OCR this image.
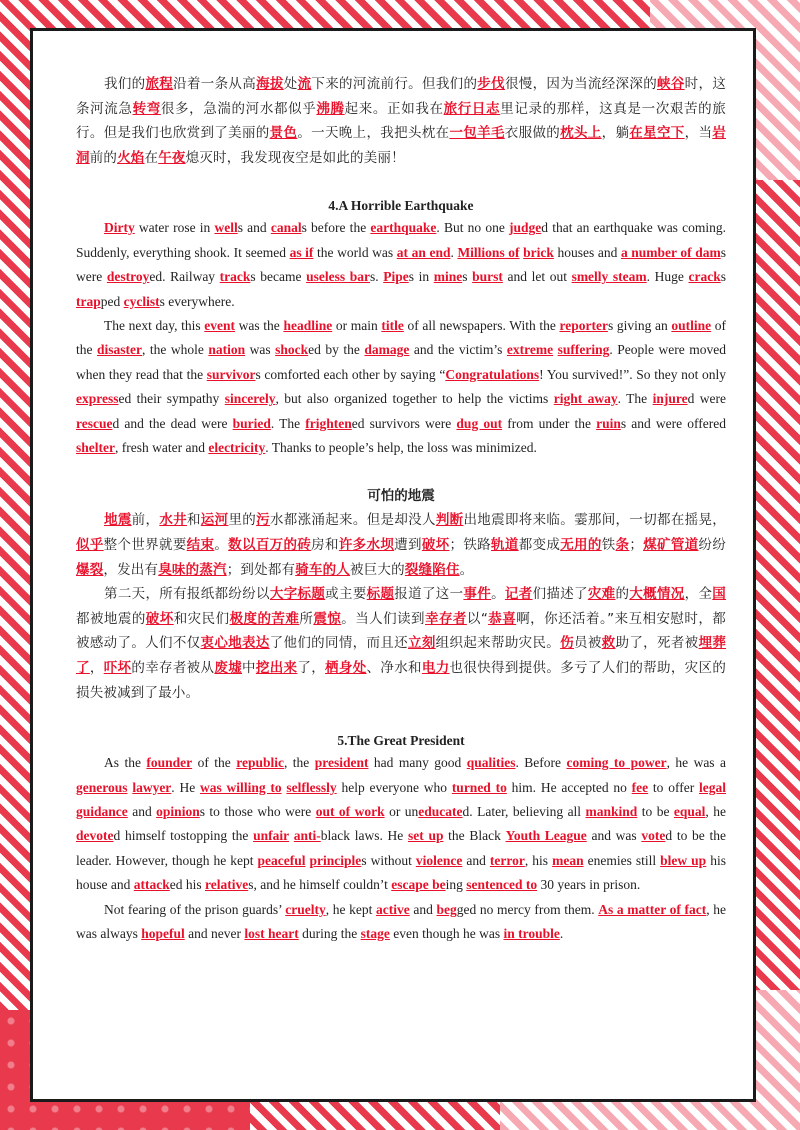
我们的旅程沿着一条从高海拔处流下来的河流前行。但我们的步伐很慢，因为当流经深深的峡谷时，这条河流急转弯很多，急湍的河水都似乎沸腾起来。正如我在旅行日志里记录的那样，这真是一次艰苦的旅行。但是我们也欣赏到了美丽的景色。一天晚上，我把头枕在一包羊毛衣服做的枕头上，躺在星空下，当岩洞前的火焰在午夜熄灭时，我发现夜空是如此的美丽！

4.A Horrible Earthquake

Dirty water rose in wells and canals before the earthquake. But no one judged that an earthquake was coming. Suddenly, everything shook. It seemed as if the world was at an end. Millions of brick houses and a number of dams were destroyed. Railway tracks became useless bars. Pipes in mines burst and let out smelly steam. Huge cracks trapped cyclists everywhere.

The next day, this event was the headline or main title of all newspapers. With the reporters giving an outline of the disaster, the whole nation was shocked by the damage and the victim’s extreme suffering. People were moved when they read that the survivors comforted each other by saying “Congratulations! You survived!”. So they not only expressed their sympathy sincerely, but also organized together to help the victims right away. The injured were rescued and the dead were buried. The frightened survivors were dug out from under the ruins and were offered shelter, fresh water and electricity. Thanks to people’s help, the loss was minimized.

可怕的地震

地震前，水井和运河里的污水都涨涌起来。但是却没人判断出地震即将来临。霎那间，一切都在摇晃，似乎整个世界就要结束。数以百万的砖房和许多水坝遭到破坏；铁路轨道都变成无用的铁条；煤矿管道纷纷爆裂，发出有臭味的蒸汽；到处都有骑车的人被巨大的裂缝陷住。

第二天，所有报纸都纷纷以大字标题或主要标题报道了这一事件。记者们描述了灾难的大概情况，全国都被地震的破坏和灾民们极度的苦难所震惊。当人们读到幸存者以“恭喜啊，你还活着。”来互相安慰时，都被感动了。人们不仅衷心地表达了他们的同情，而且还立刻组织起来帮助灾民。伤员被救助了，死者被埋葬了，吓坏的幸存者被从废墟中挖出来了，栖身处、净水和电力也很快得到提供。多亏了人们的帮助，灾区的损失被减到了最小。

5.The Great President

As the founder of the republic, the president had many good qualities. Before coming to power, he was a generous lawyer. He was willing to selflessly help everyone who turned to him. He accepted no fee to offer legal guidance and opinions to those who were out of work or uneducated. Later, believing all mankind to be equal, he devoted himself tostopping the unfair anti-black laws. He set up the Black Youth League and was voted to be the leader. However, though he kept peaceful principles without violence and terror, his mean enemies still blew up his house and attacked his relatives, and he himself couldn’t escape being sentenced to 30 years in prison.

Not fearing of the prison guards’ cruelty, he kept active and begged no mercy from them. As a matter of fact, he was always hopeful and never lost heart during the stage even though he was in trouble.
